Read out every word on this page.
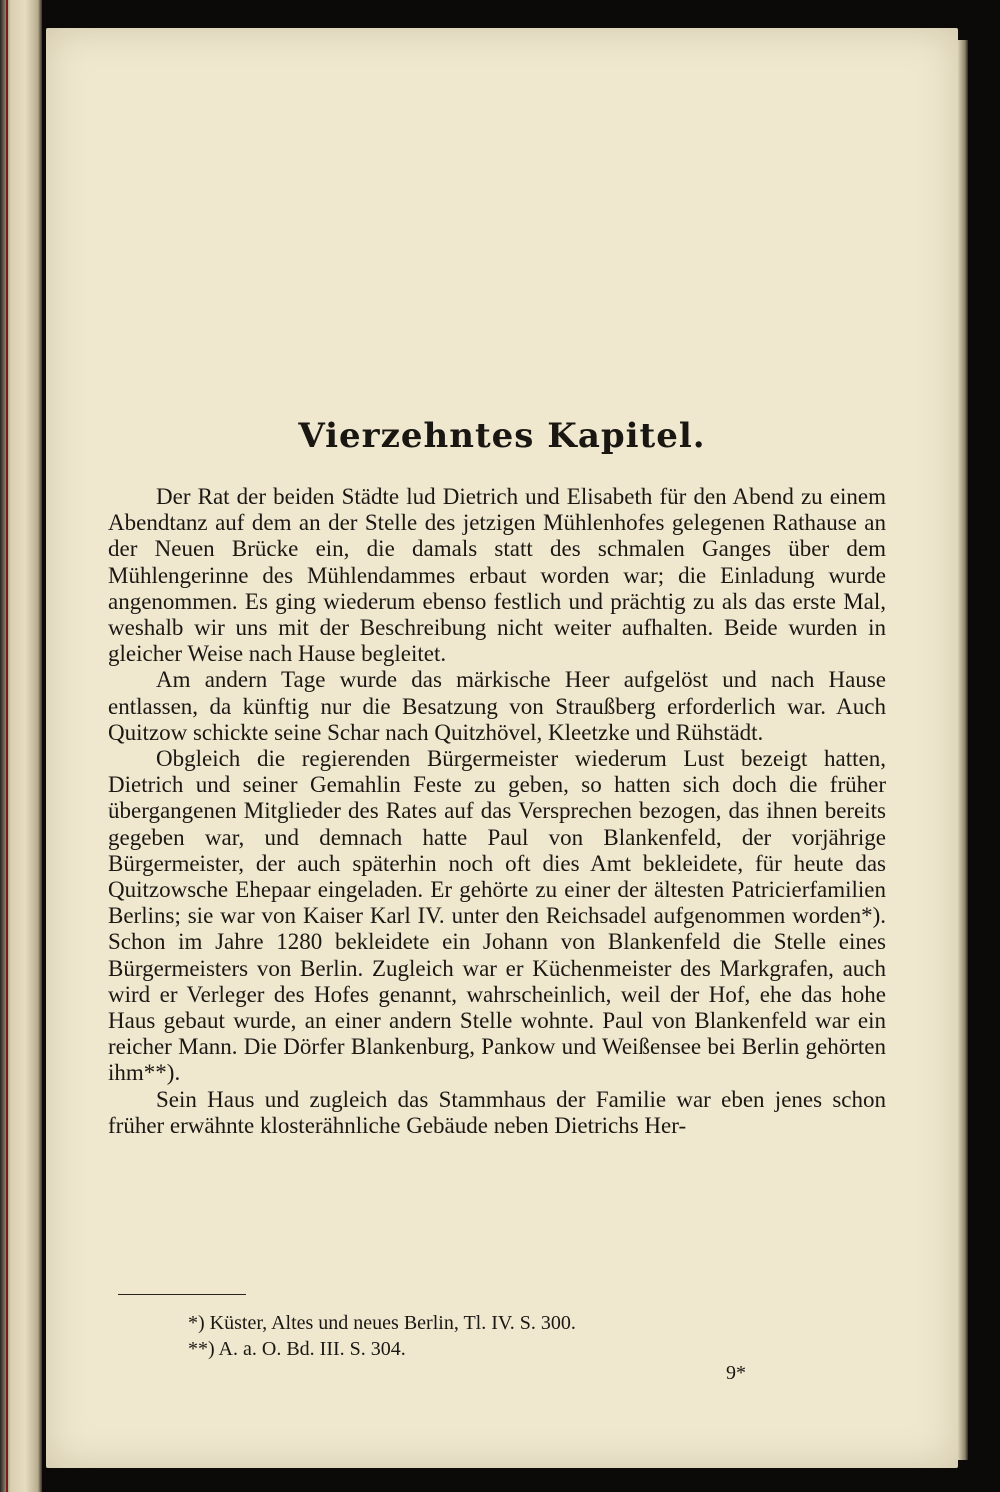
Vierzehntes Kapitel.

Der Rat der beiden Städte lud Dietrich und Elisabeth für den Abend zu einem Abendtanz auf dem an der Stelle des jetzigen Mühlenhofes gelegenen Rathause an der Neuen Brücke ein, die damals statt des schmalen Ganges über dem Mühlengerinne des Mühlendammes erbaut worden war; die Einladung wurde angenommen. Es ging wiederum ebenso festlich und prächtig zu als das erste Mal, weshalb wir uns mit der Beschreibung nicht weiter aufhalten. Beide wurden in gleicher Weise nach Hause begleitet.

Am andern Tage wurde das märkische Heer aufgelöst und nach Hause entlassen, da künftig nur die Besatzung von Straußberg erforderlich war. Auch Quitzow schickte seine Schar nach Quitzhövel, Kleetzke und Rühstädt.

Obgleich die regierenden Bürgermeister wiederum Lust bezeigt hatten, Dietrich und seiner Gemahlin Feste zu geben, so hatten sich doch die früher übergangenen Mitglieder des Rates auf das Versprechen bezogen, das ihnen bereits gegeben war, und demnach hatte Paul von Blankenfeld, der vorjährige Bürgermeister, der auch späterhin noch oft dies Amt bekleidete, für heute das Quitzowsche Ehepaar eingeladen. Er gehörte zu einer der ältesten Patricierfamilien Berlins; sie war von Kaiser Karl IV. unter den Reichsadel aufgenommen worden*). Schon im Jahre 1280 bekleidete ein Johann von Blankenfeld die Stelle eines Bürgermeisters von Berlin. Zugleich war er Küchenmeister des Markgrafen, auch wird er Verleger des Hofes genannt, wahrscheinlich, weil der Hof, ehe das hohe Haus gebaut wurde, an einer andern Stelle wohnte. Paul von Blankenfeld war ein reicher Mann. Die Dörfer Blankenburg, Pankow und Weißensee bei Berlin gehörten ihm**).

Sein Haus und zugleich das Stammhaus der Familie war eben jenes schon früher erwähnte klosterähnliche Gebäude neben Dietrichs Her-

*) Küster, Altes und neues Berlin, Tl. IV. S. 300.

**) A. a. O. Bd. III. S. 304.

9*
